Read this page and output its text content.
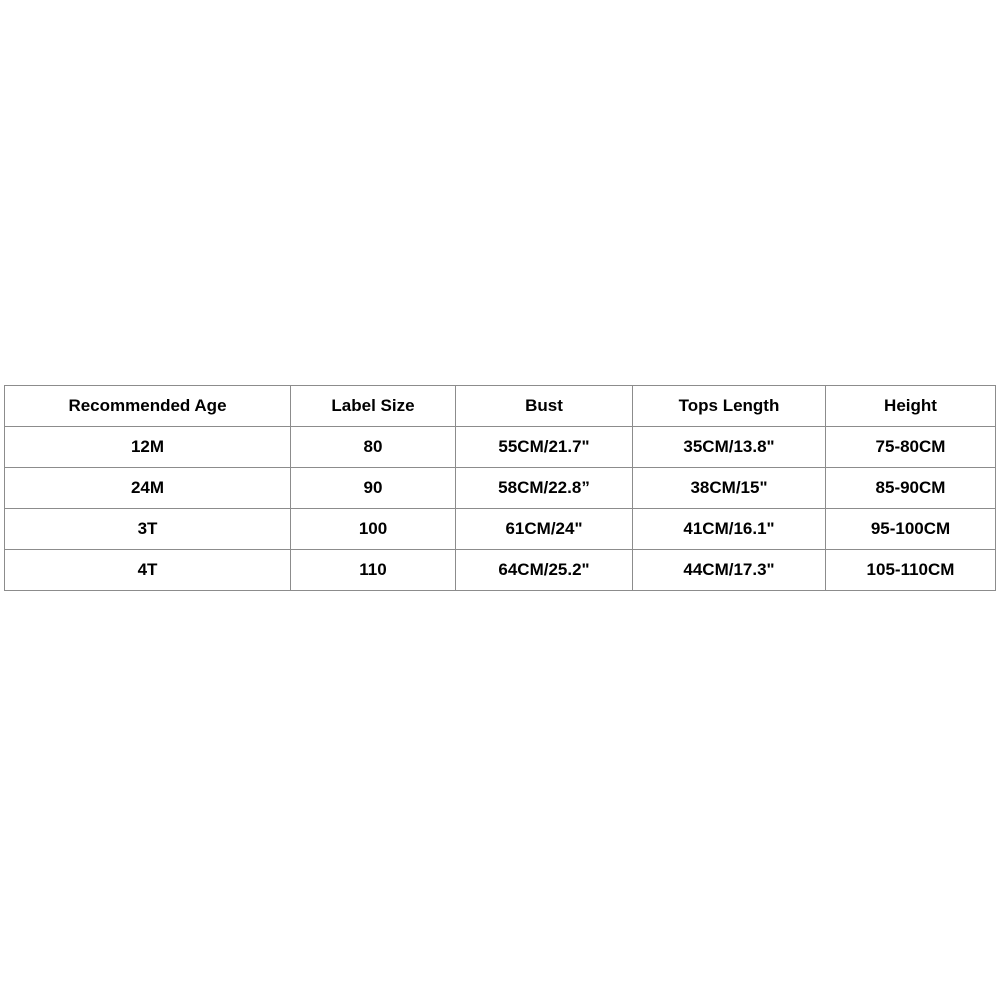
Recommended Age	Label Size	Bust	Tops Length	Height
12M	80	55CM/21.7"	35CM/13.8"	75-80CM
24M	90	58CM/22.8”	38CM/15"	85-90CM
3T	100	61CM/24"	41CM/16.1"	95-100CM
4T	110	64CM/25.2"	44CM/17.3"	105-110CM
